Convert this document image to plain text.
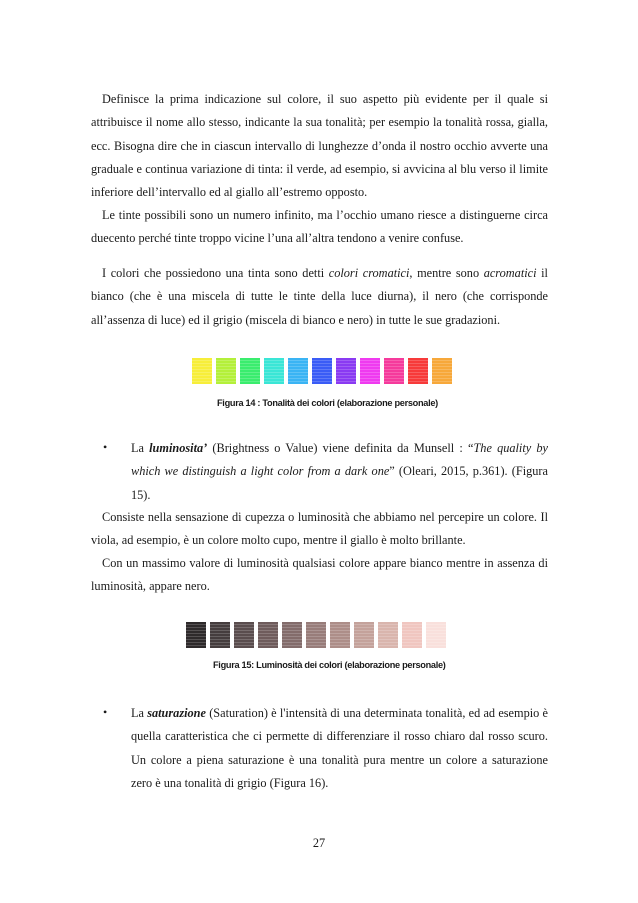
Definisce la prima indicazione sul colore, il suo aspetto più evidente per il quale si attribuisce il nome allo stesso, indicante la sua tonalità; per esempio la tonalità rossa, gialla, ecc. Bisogna dire che in ciascun intervallo di lunghezze d’onda il nostro occhio avverte una graduale e continua variazione di tinta: il verde, ad esempio, si avvicina al blu verso il limite inferiore dell’intervallo ed al giallo all’estremo opposto.

Le tinte possibili sono un numero infinito, ma l’occhio umano riesce a distinguerne circa duecento perché tinte troppo vicine l’una all’altra tendono a venire confuse.

I colori che possiedono una tinta sono detti colori cromatici, mentre sono acromatici il bianco (che è una miscela di tutte le tinte della luce diurna), il nero (che corrisponde all’assenza di luce) ed il grigio (miscela di bianco e nero) in tutte le sue gradazioni.

Figura 14 : Tonalità dei colori (elaborazione personale)
• La luminosita’ (Brightness o Value) viene definita da Munsell : “The quality by which we distinguish a light color from a dark one” (Oleari, 2015, p.361). (Figura 15).

Consiste nella sensazione di cupezza o luminosità che abbiamo nel percepire un colore. Il viola, ad esempio, è un colore molto cupo, mentre il giallo è molto brillante.

Con un massimo valore di luminosità qualsiasi colore appare bianco mentre in assenza di luminosità, appare nero.

Figura 15: Luminosità dei colori (elaborazione personale)
• La saturazione (Saturation) è l'intensità di una determinata tonalità, ed ad esempio è quella caratteristica che ci permette di differenziare il rosso chiaro dal rosso scuro. Un colore a piena saturazione è una tonalità pura mentre un colore a saturazione zero è una tonalità di grigio (Figura 16).

27
